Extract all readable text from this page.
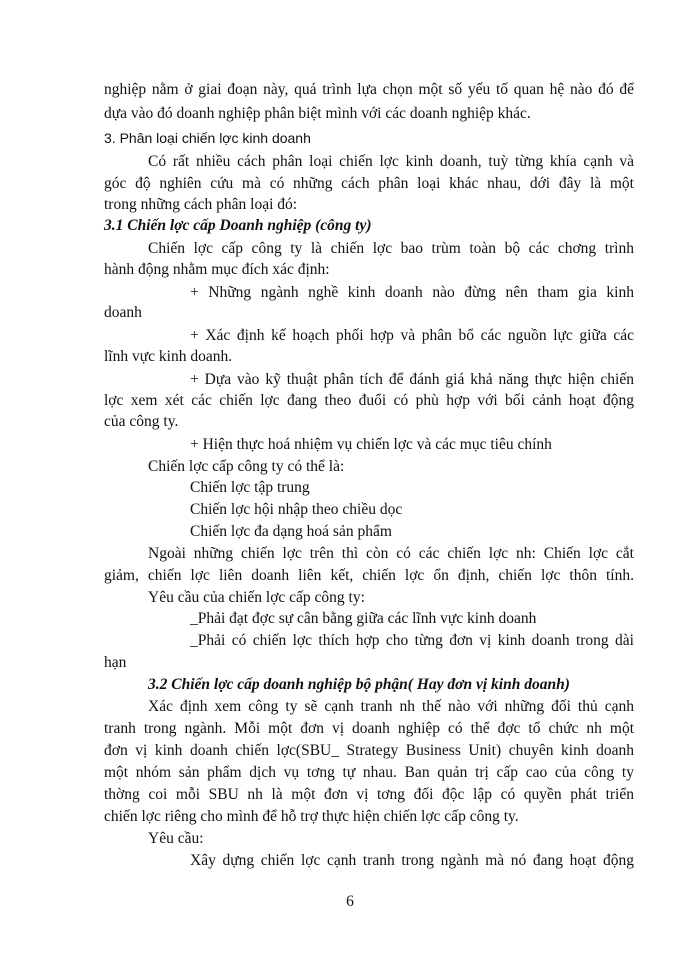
nghiệp nằm ở giai đoạn này, quá trình lựa chọn một số yếu tố quan hệ nào đó để
dựa vào đó doanh nghiệp phân biệt mình với các doanh nghiệp khác.
3. Phân loại chiến lợc kinh doanh
Có rất nhiều cách phân loại chiến lợc kinh doanh, tuỳ từng khía cạnh và
góc độ nghiên cứu mà có những cách phân loại khác nhau, dới đây là một
trong những cách phân loại đó:
3.1 Chiến lợc cấp Doanh nghiệp (công ty)
Chiến lợc cấp công ty là chiến lợc bao trùm toàn bộ các chơng trình
hành động nhằm mục đích xác định:
+ Những ngành nghề kinh doanh nào đừng nên tham gia kinh
doanh
+ Xác định kế hoạch phối hợp và phân bổ các nguồn lực giữa các
lĩnh vực kinh doanh.
+ Dựa vào kỹ thuật phân tích để đánh giá khả năng thực hiện chiến
lợc xem xét các chiến lợc đang theo đuổi có phù hợp với bối cảnh hoạt động
của công ty.
+ Hiện thực hoá nhiệm vụ chiến lợc và các mục tiêu chính
Chiến lợc cấp công ty có thể là:
Chiến lợc tập trung
Chiến lợc hội nhập theo chiều dọc
Chiến lợc đa dạng hoá sản phẩm
Ngoài những chiến lợc trên thì còn có các chiến lợc nh: Chiến lợc cắt
giảm, chiến lợc liên doanh liên kết, chiến lợc ổn định, chiến lợc thôn tính.
Yêu cầu của chiến lợc cấp công ty:
_Phải đạt đợc sự cân bằng giữa các lĩnh vực kinh doanh
_Phải có chiến lợc thích hợp cho từng đơn vị kinh doanh trong dài
hạn
3.2 Chiến lợc cấp doanh nghiệp bộ phận( Hay đơn vị kinh doanh)
Xác định xem công ty sẽ cạnh tranh nh thế nào với những đối thủ cạnh
tranh trong ngành. Mỗi một đơn vị doanh nghiệp có thể đợc tổ chức nh một
đơn vị kinh doanh chiến lợc(SBU_ Strategy Business Unit) chuyên kinh doanh
một nhóm sản phẩm dịch vụ tơng tự nhau. Ban quản trị cấp cao của công ty
thờng coi mỗi SBU nh là một đơn vị tơng đối độc lập có quyền phát triển
chiến lợc riêng cho mình để hỗ trợ thực hiện chiến lợc cấp công ty.
Yêu cầu:
Xây dựng chiến lợc cạnh tranh trong ngành mà nó đang hoạt động
6
